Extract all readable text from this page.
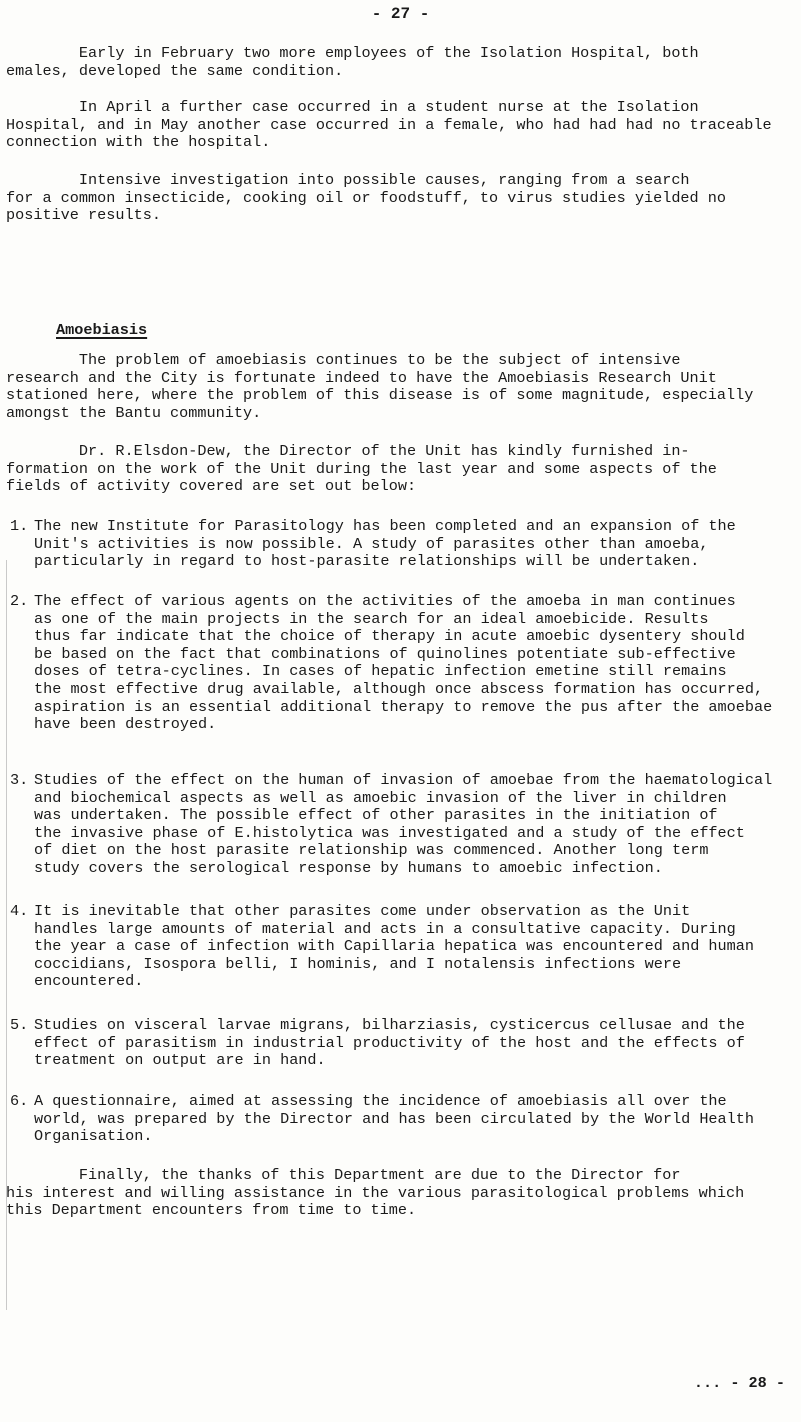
- 27 -

Early in February two more employees of the Isolation Hospital, both
emales, developed the same condition.

In April a further case occurred in a student nurse at the Isolation
Hospital, and in May another case occurred in a female, who had had had no traceable
connection with the hospital.

Intensive investigation into possible causes, ranging from a search
for a common insecticide, cooking oil or foodstuff, to virus studies yielded no
positive results.

Amoebiasis

The problem of amoebiasis continues to be the subject of intensive
research and the City is fortunate indeed to have the Amoebiasis Research Unit
stationed here, where the problem of this disease is of some magnitude, especially
amongst the Bantu community.

Dr. R.Elsdon-Dew, the Director of the Unit has kindly furnished in-
formation on the work of the Unit during the last year and some aspects of the
fields of activity covered are set out below:

1. The new Institute for Parasitology has been completed and an expansion of the
Unit's activities is now possible. A study of parasites other than amoeba,
particularly in regard to host-parasite relationships will be undertaken.

2. The effect of various agents on the activities of the amoeba in man continues
as one of the main projects in the search for an ideal amoebicide. Results
thus far indicate that the choice of therapy in acute amoebic dysentery should
be based on the fact that combinations of quinolines potentiate sub-effective
doses of tetra-cyclines. In cases of hepatic infection emetine still remains
the most effective drug available, although once abscess formation has occurred,
aspiration is an essential additional therapy to remove the pus after the amoebae
have been destroyed.

3. Studies of the effect on the human of invasion of amoebae from the haematological
and biochemical aspects as well as amoebic invasion of the liver in children
was undertaken. The possible effect of other parasites in the initiation of
the invasive phase of E.histolytica was investigated and a study of the effect
of diet on the host parasite relationship was commenced. Another long term
study covers the serological response by humans to amoebic infection.

4. It is inevitable that other parasites come under observation as the Unit
handles large amounts of material and acts in a consultative capacity. During
the year a case of infection with Capillaria hepatica was encountered and human
coccidians, Isospora belli, I hominis, and I notalensis infections were
encountered.

5. Studies on visceral larvae migrans, bilharziasis, cysticercus cellusae and the
effect of parasitism in industrial productivity of the host and the effects of
treatment on output are in hand.

6. A questionnaire, aimed at assessing the incidence of amoebiasis all over the
world, was prepared by the Director and has been circulated by the World Health
Organisation.

Finally, the thanks of this Department are due to the Director for
his interest and willing assistance in the various parasitological problems which
this Department encounters from time to time.

... - 28 -
